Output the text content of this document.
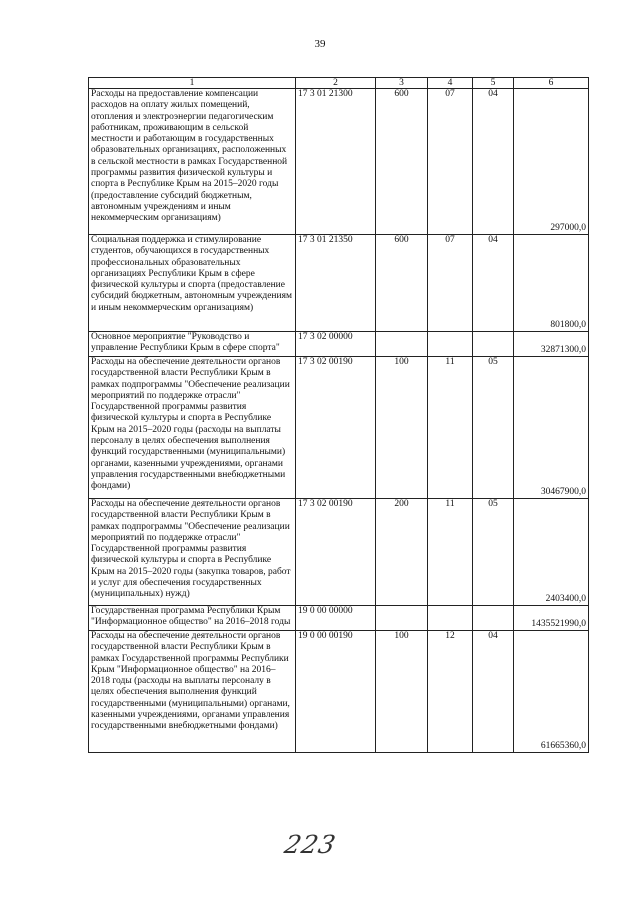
39
1	2	3	4	5	6
Расходы на предоставление компенсации расходов на оплату жилых помещений, отопления и электроэнергии педагогическим работникам, проживающим в сельской местности и работающим в государственных образовательных организациях, расположенных в сельской местности в рамках Государственной программы развития физической культуры и спорта в Республике Крым на 2015–2020 годы (предоставление субсидий бюджетным, автономным учреждениям и иным некоммерческим организациям)	17 3 01 21300	600	07	04	297000,0
Социальная поддержка и стимулирование студентов, обучающихся в государственных профессиональных образовательных организациях Республики Крым в сфере физической культуры и спорта (предоставление субсидий бюджетным, автономным учреждениям и иным некоммерческим организациям)	17 3 01 21350	600	07	04	801800,0
Основное мероприятие "Руководство и управление Республики Крым в сфере спорта"	17 3 02 00000				32871300,0
Расходы на обеспечение деятельности органов государственной власти Республики Крым в рамках подпрограммы "Обеспечение реализации мероприятий по поддержке отрасли" Государственной программы развития физической культуры и спорта в Республике Крым на 2015–2020 годы (расходы на выплаты персоналу в целях обеспечения выполнения функций государственными (муниципальными) органами, казенными учреждениями, органами управления государственными внебюджетными фондами)	17 3 02 00190	100	11	05	30467900,0
Расходы на обеспечение деятельности органов государственной власти Республики Крым в рамках подпрограммы "Обеспечение реализации мероприятий по поддержке отрасли" Государственной программы развития физической культуры и спорта в Республике Крым на 2015–2020 годы (закупка товаров, работ и услуг для обеспечения государственных (муниципальных) нужд)	17 3 02 00190	200	11	05	2403400,0
Государственная программа Республики Крым "Информационное общество" на 2016–2018 годы	19 0 00 00000				1435521990,0
Расходы на обеспечение деятельности органов государственной власти Республики Крым в рамках Государственной программы Республики Крым "Информационное общество" на 2016–2018 годы (расходы на выплаты персоналу в целях обеспечения выполнения функций государственными (муниципальными) органами, казенными учреждениями, органами управления государственными внебюджетными фондами)	19 0 00 00190	100	12	04	61665360,0
223
